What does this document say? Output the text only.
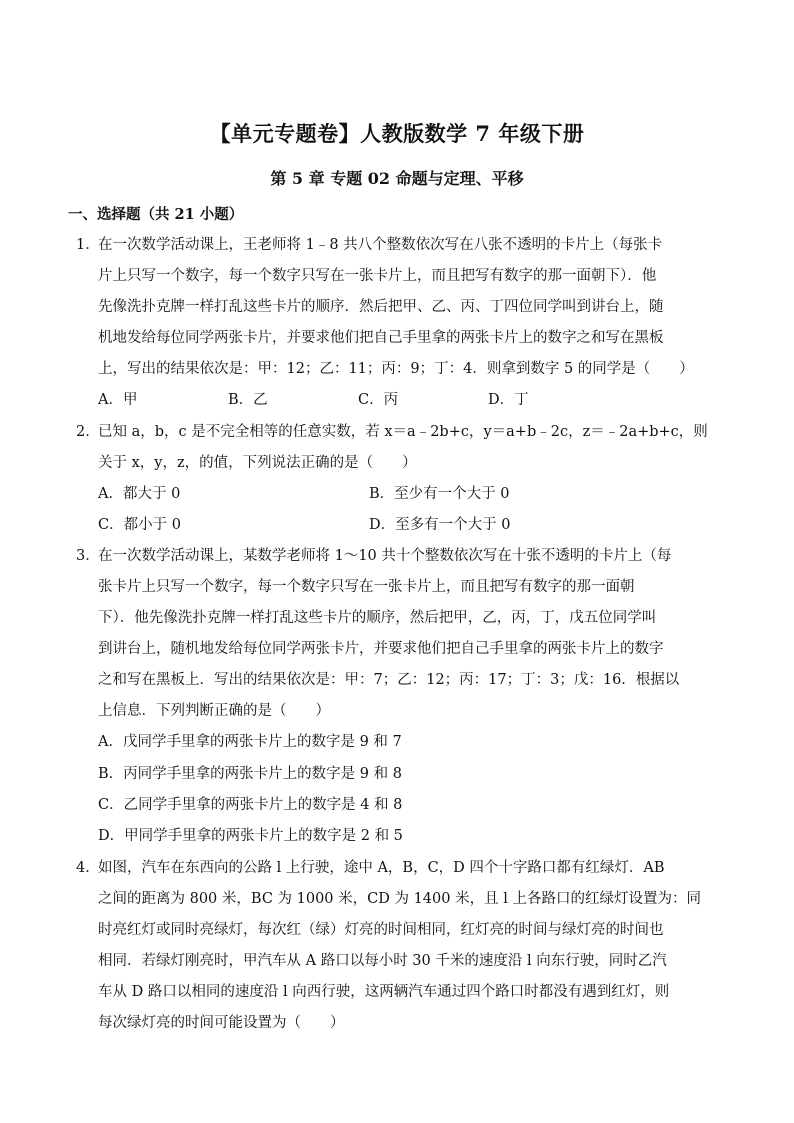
【单元专题卷】人教版数学 7 年级下册
第 5 章 专题 02 命题与定理、平移
一、选择题（共 21 小题）
1．
在一次数学活动课上，王老师将 1﹣8 共八个整数依次写在八张不透明的卡片上（每张卡
片上只写一个数字，每一个数字只写在一张卡片上，而且把写有数字的那一面朝下）．他
先像洗扑克牌一样打乱这些卡片的顺序．然后把甲、乙、丙、丁四位同学叫到讲台上，随
机地发给每位同学两张卡片，并要求他们把自己手里拿的两张卡片上的数字之和写在黑板
上，写出的结果依次是：甲：12；乙：11；丙：9；丁：4．则拿到数字 5 的同学是（　　）
A．甲	B．乙	C．丙	D．丁
2．
已知 a，b，c 是不完全相等的任意实数，若 x＝a﹣2b+c，y＝a+b﹣2c，z＝﹣2a+b+c，则
关于 x，y，z，的值，下列说法正确的是（　　）
A．都大于 0	B．至少有一个大于 0
C．都小于 0	D．至多有一个大于 0
3．
在一次数学活动课上，某数学老师将 1～10 共十个整数依次写在十张不透明的卡片上（每
张卡片上只写一个数字，每一个数字只写在一张卡片上，而且把写有数字的那一面朝
下）．他先像洗扑克牌一样打乱这些卡片的顺序，然后把甲，乙，丙，丁，戊五位同学叫
到讲台上，随机地发给每位同学两张卡片，并要求他们把自己手里拿的两张卡片上的数字
之和写在黑板上．写出的结果依次是：甲：7；乙：12；丙：17；丁：3；戊：16．根据以
上信息．下列判断正确的是（　　）
A．戊同学手里拿的两张卡片上的数字是 9 和 7
B．丙同学手里拿的两张卡片上的数字是 9 和 8
C．乙同学手里拿的两张卡片上的数字是 4 和 8
D．甲同学手里拿的两张卡片上的数字是 2 和 5
4．
如图，汽车在东西向的公路 l 上行驶，途中 A，B，C，D 四个十字路口都有红绿灯．AB
之间的距离为 800 米，BC 为 1000 米，CD 为 1400 米，且 l 上各路口的红绿灯设置为：同
时亮红灯或同时亮绿灯，每次红（绿）灯亮的时间相同，红灯亮的时间与绿灯亮的时间也
相同．若绿灯刚亮时，甲汽车从 A 路口以每小时 30 千米的速度沿 l 向东行驶，同时乙汽
车从 D 路口以相同的速度沿 l 向西行驶，这两辆汽车通过四个路口时都没有遇到红灯，则
每次绿灯亮的时间可能设置为（　　）
